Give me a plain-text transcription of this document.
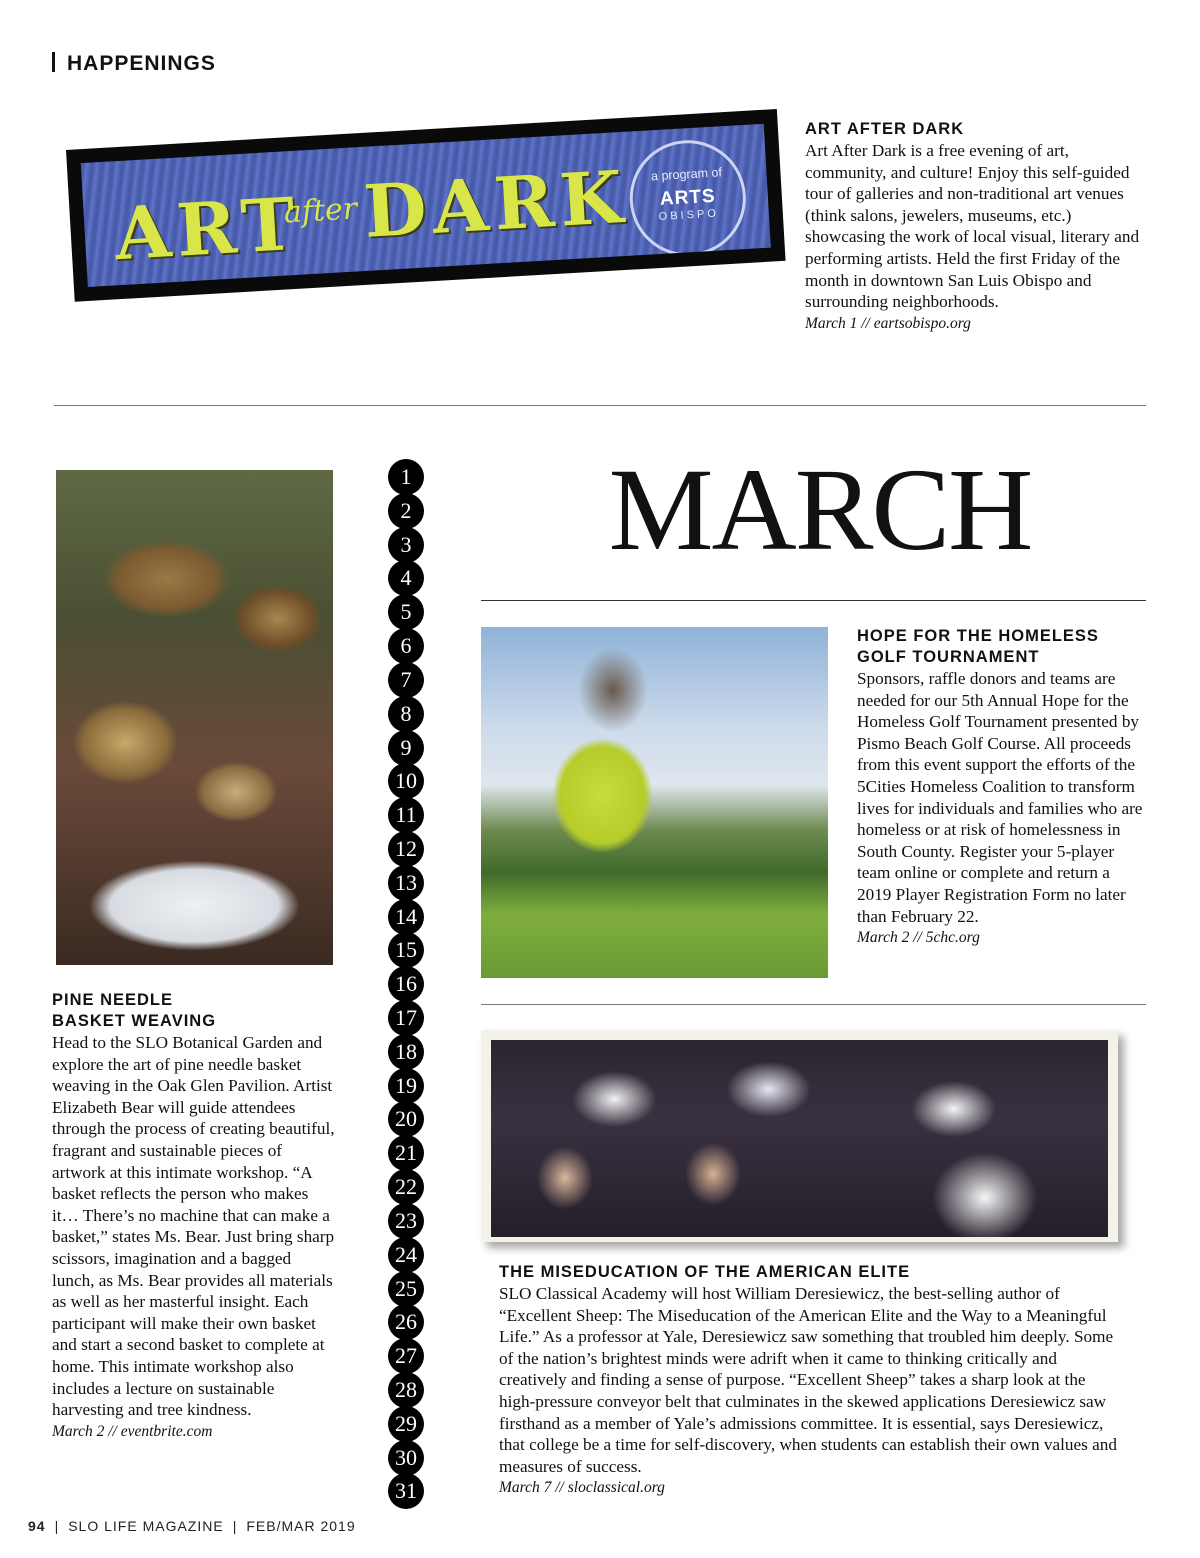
HAPPENINGS
ART
after DARK	a program of
ARTS
OBISPO

ART AFTER DARK

Art After Dark is a free evening of art, community, and culture! Enjoy this self-guided tour of galleries and non-traditional art venues (think salons, jewelers, museums, etc.) showcasing the work of local visual, literary and performing artists. Held the first Friday of the month in downtown San Luis Obispo and surrounding neighborhoods.

March 1 // eartsobispo.org

MARCH
1
2
3
4
5
6
7
8
9
10
11
12
13
14
15
16
17
18
19
20
21
22
23
24
25
26
27
28
29
30
31

PINE NEEDLE

BASKET WEAVING

Head to the SLO Botanical Garden and explore the art of pine needle basket weaving in the Oak Glen Pavilion. Artist Elizabeth Bear will guide attendees through the process of creating beautiful, fragrant and sustainable pieces of artwork at this intimate workshop. “A basket reflects the person who makes it… There’s no machine that can make a basket,” states Ms. Bear. Just bring sharp scissors, imagination and a bagged lunch, as Ms. Bear provides all materials as well as her masterful insight. Each participant will make their own basket and start a second basket to complete at home. This intimate workshop also includes a lecture on sustainable harvesting and tree kindness.

March 2 // eventbrite.com

HOPE FOR THE HOMELESS

GOLF TOURNAMENT

Sponsors, raffle donors and teams are needed for our 5th Annual Hope for the Homeless Golf Tournament presented by Pismo Beach Golf Course. All proceeds from this event support the efforts of the 5Cities Homeless Coalition to transform lives for individuals and families who are homeless or at risk of homelessness in South County. Register your 5-player team online or complete and return a 2019 Player Registration Form no later than February 22.

March 2 // 5chc.org

THE MISEDUCATION OF THE AMERICAN ELITE

SLO Classical Academy will host William Deresiewicz, the best-selling author of “Excellent Sheep: The Miseducation of the American Elite and the Way to a Meaningful Life.” As a professor at Yale, Deresiewicz saw something that troubled him deeply. Some of the nation’s brightest minds were adrift when it came to thinking critically and creatively and finding a sense of purpose. “Excellent Sheep” takes a sharp look at the high-pressure conveyor belt that culminates in the skewed applications Deresiewicz saw firsthand as a member of Yale’s admissions committee. It is essential, says Deresiewicz, that college be a time for self-discovery, when students can establish their own values and measures of success.

March 7 // sloclassical.org

94 | SLO LIFE MAGAZINE | FEB/MAR 2019
